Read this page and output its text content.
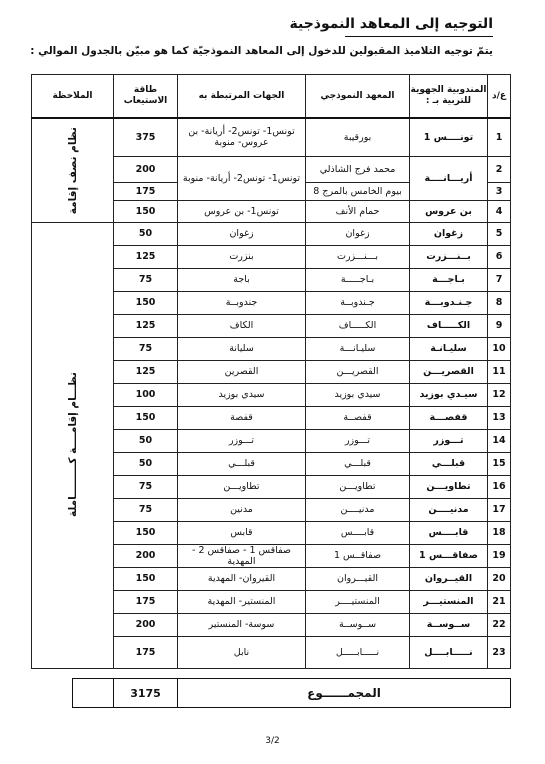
التوجيه إلى المعاهد النموذجية
يتمّ توجيه التلاميذ المقبولين للدخول إلى المعاهد النموذجيّة كما هو مبيّن بالجدول الموالي :
ع/د	المندوبية الجهوية للتربية بـ :	المعهد النموذجي	الجهات المرتبطة به	طاقة الاستيعاب	الملاحظة
1	تونــــس 1	بورقيبة	تونس1- تونس2- أريانة- بن عروس- منوبة	375	نظام نصف إقامة

2	أريـــانــــة	محمد فرج الشاذلي	تونس1- تونس2- أريانة- منوبة	200	
3		بيوم الخامس بالمرج 8		175	
4	بن عروس	حمام الأنف	تونس1- بن عروس	150	
5	زغوان	زغوان	زغوان	50	نظـــام إقامــــة كـــــــــاملة

6	بــنـــزرت	بـــنـــزرت	بنزرت	125	
7	بـاجـــة	بـاجـــــة	باجة	75	
8	جـنـدوبـــة	جـندوبــة	جندوبــة	150	
9	الكـــــاف	الكـــــاف	الكاف	125	
10	سليـانـة	سليـانـــة	سليانة	75	
11	القصريـــن	القصريـــن	القصرين	125	
12	سيـدي بوزيد	سيدي بوزيد	سيدي بوزيد	100	
13	قفصـــة	قفصــة	قفصة	150	
14	تـــوزر	تـــوزر	تـــوزر	50	
15	قبلـــي	قبلـــي	قبلـــي	50	
16	تطاويـــن	تطاويـــن	تطاويـــن	75	
17	مدنيــــن	مدنيــــن	مدنين	75	
18	قابــــس	قابــــس	قابس	150	
19	صفاقـــس 1	صفاقــس 1	صفاقس 1 - صفاقس 2 - المهدية	200	
20	القيــروان	القيـــروان	القيروان- المهدية	150	
21	المنستيـــر	المنستيــــر	المنستير- المهدية	175	
22	ســوســة	ســوســة	سوسة- المنستير	200	
23	نـــــابــــل	نـــــابـــــل	نابل	175	
المجمــــــوع	3175	
3/2
